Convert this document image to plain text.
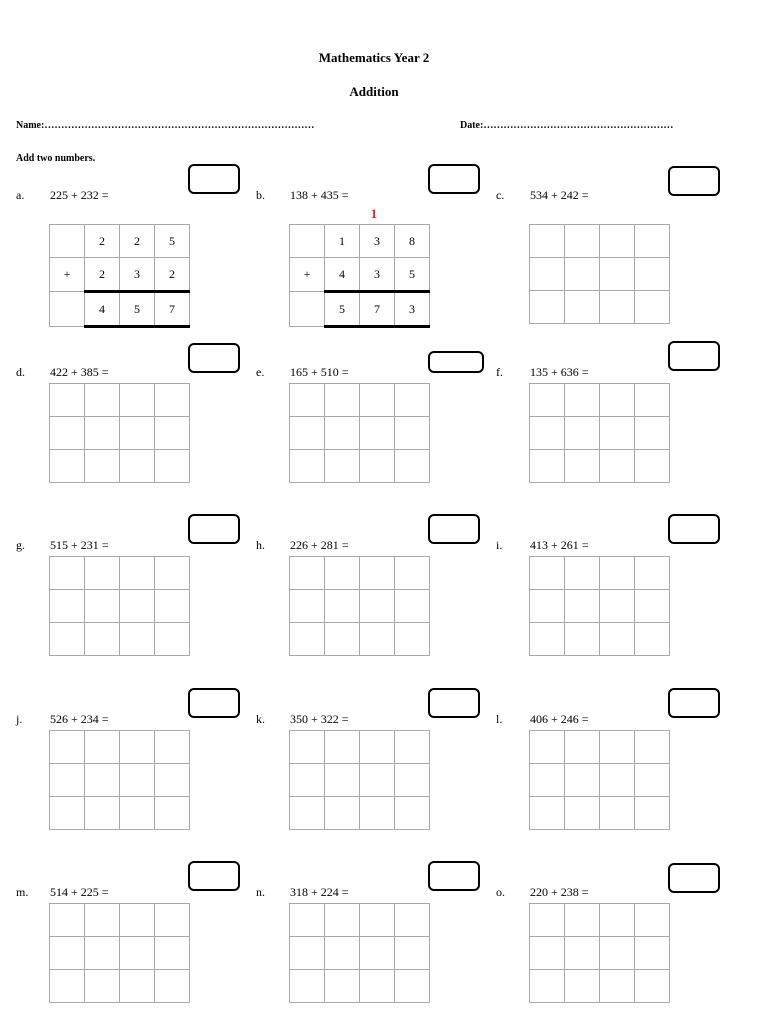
Mathematics Year 2
Addition
Name:………………………………………………………………………	Date:…………………………………………………
Add two numbers.
a. 225 + 232 =
	2	2	5
+	2	3	2
	4	5	7
b. 138 + 435 =
1
	1	3	8
+	4	3	5
	5	7	3
c. 534 + 242 =

d. 422 + 385 =

				e. 165 + 510 =

				f. 135 + 636 =

g. 515 + 231 =

				h. 226 + 281 =

				i. 413 + 261 =

j. 526 + 234 =

				k. 350 + 322 =

				l. 406 + 246 =

m. 514 + 225 =

				n. 318 + 224 =

				o. 220 + 238 =
